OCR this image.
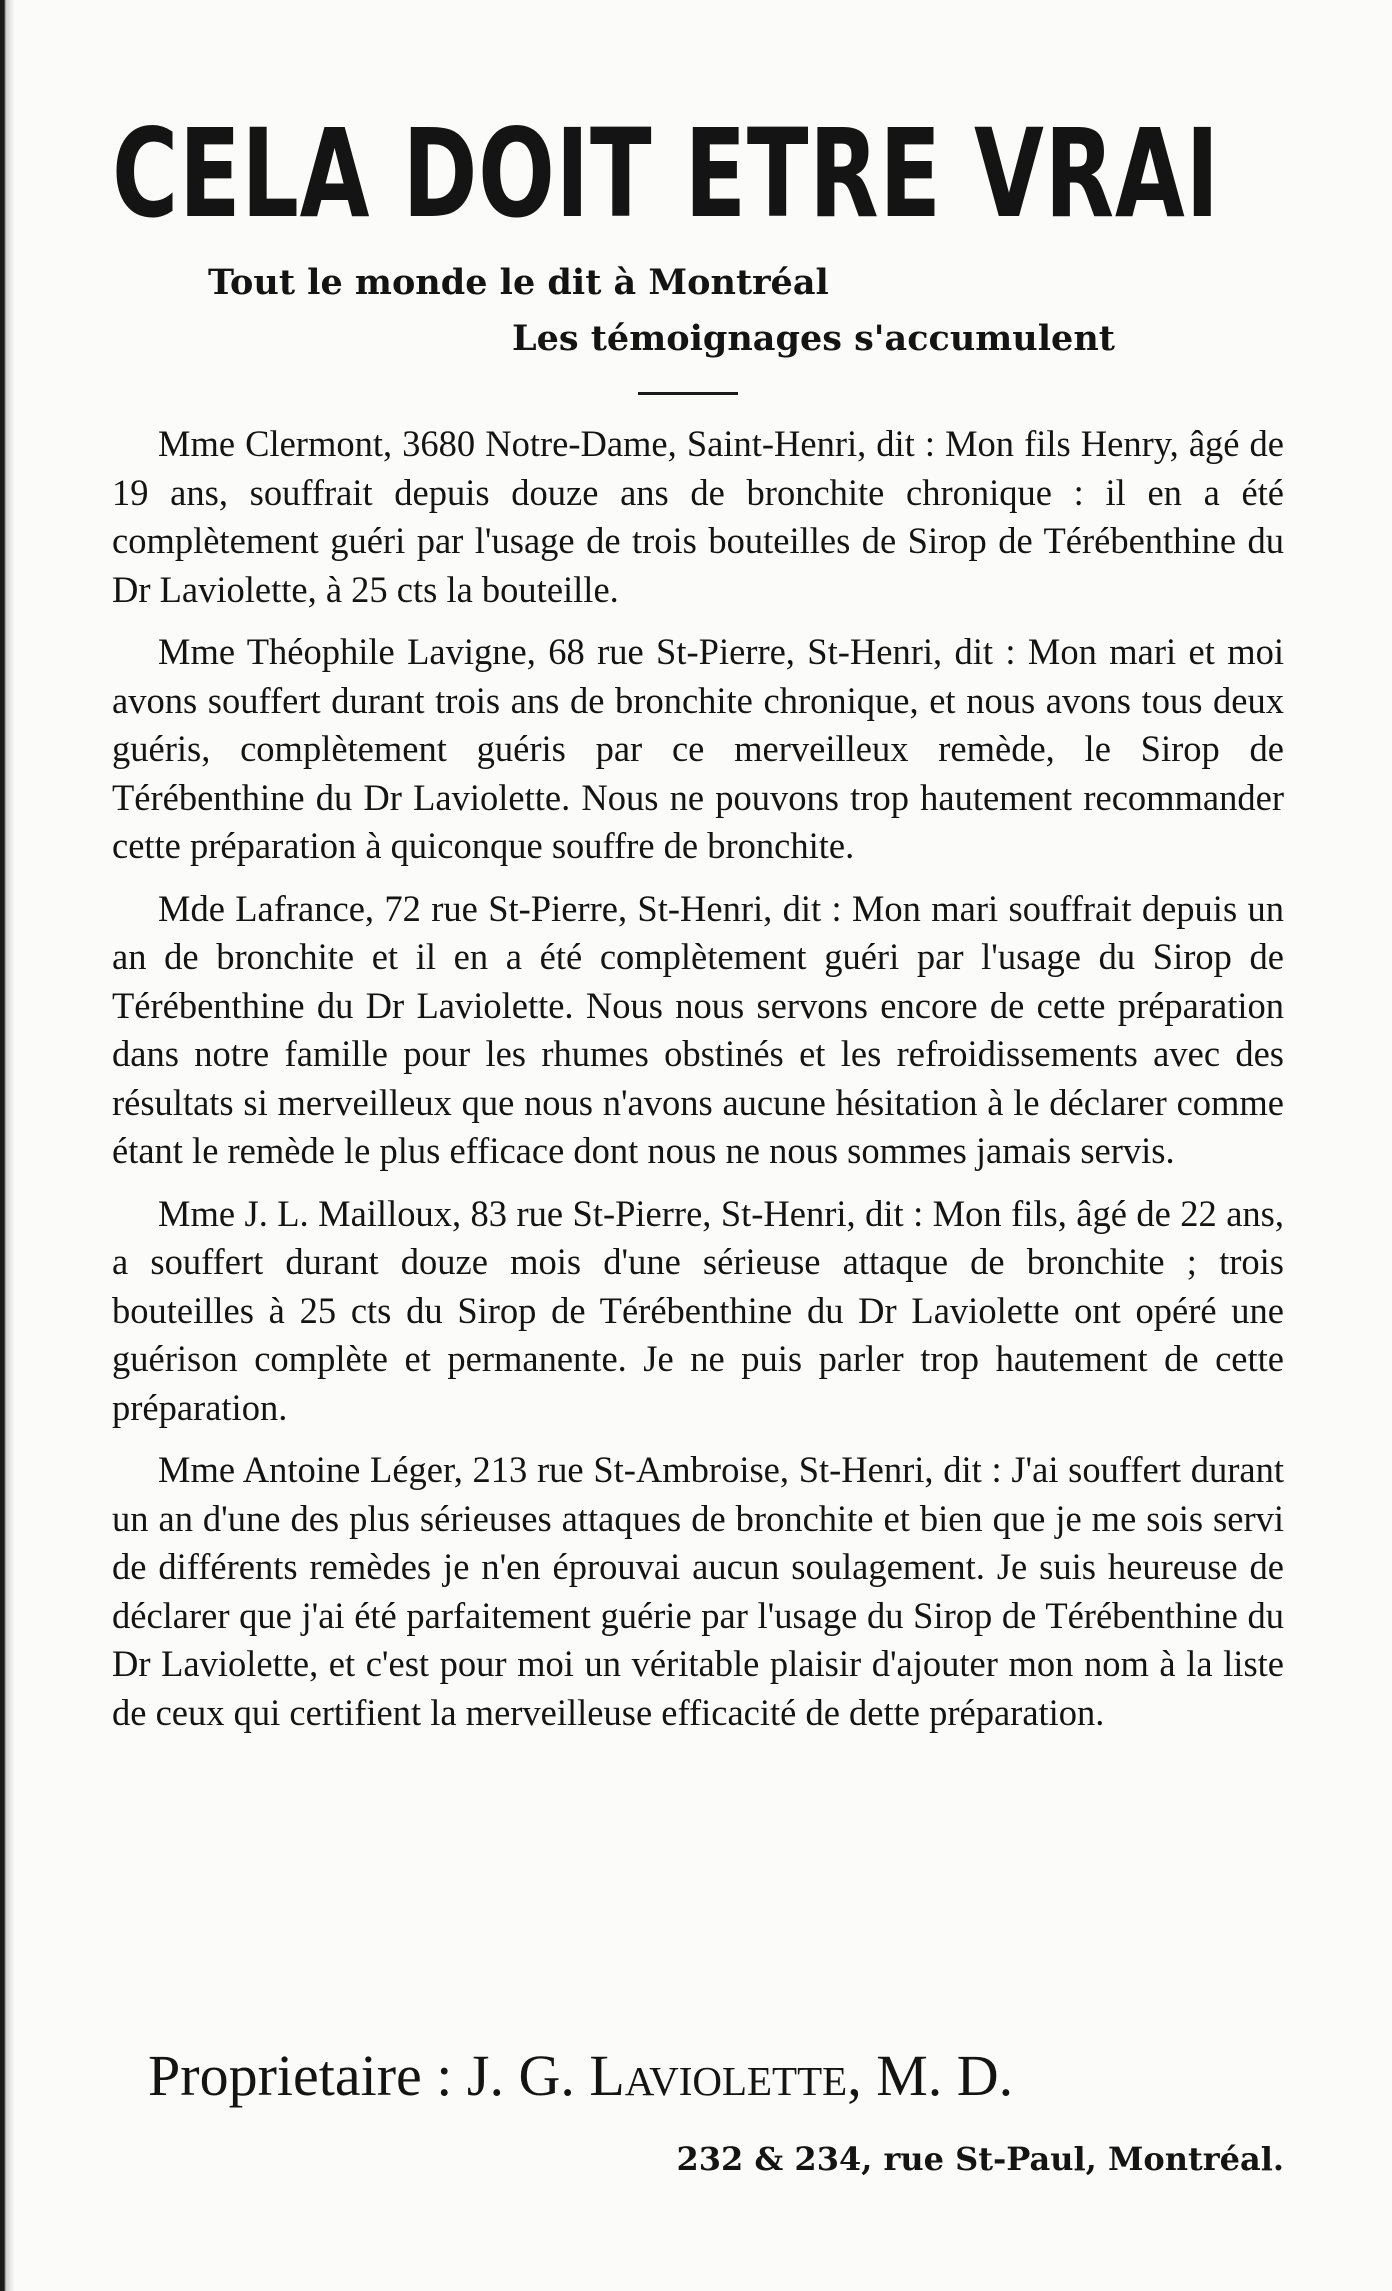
CELA DOIT ETRE VRAI
Tout le monde le dit à Montréal
Les témoignages s'accumulent

Mme Clermont, 3680 Notre-Dame, Saint-Henri, dit : Mon fils Henry, âgé de 19 ans, souffrait depuis douze ans de bronchite chronique : il en a été complètement guéri par l'usage de trois bouteilles de Sirop de Térébenthine du Dr Laviolette, à 25 cts la bouteille.

Mme Théophile Lavigne, 68 rue St-Pierre, St-Henri, dit : Mon mari et moi avons souffert durant trois ans de bronchite chronique, et nous avons tous deux guéris, complètement guéris par ce merveilleux remède, le Sirop de Térébenthine du Dr Laviolette. Nous ne pouvons trop hautement recommander cette préparation à quiconque souffre de bronchite.

Mde Lafrance, 72 rue St-Pierre, St-Henri, dit : Mon mari souffrait depuis un an de bronchite et il en a été complètement guéri par l'usage du Sirop de Térébenthine du Dr Laviolette. Nous nous servons encore de cette préparation dans notre famille pour les rhumes obstinés et les refroidissements avec des résultats si merveilleux que nous n'avons aucune hésitation à le déclarer comme étant le remède le plus efficace dont nous ne nous sommes jamais servis.

Mme J. L. Mailloux, 83 rue St-Pierre, St-Henri, dit : Mon fils, âgé de 22 ans, a souffert durant douze mois d'une sérieuse attaque de bronchite ; trois bouteilles à 25 cts du Sirop de Térébenthine du Dr Laviolette ont opéré une guérison complète et permanente. Je ne puis parler trop hautement de cette préparation.

Mme Antoine Léger, 213 rue St-Ambroise, St-Henri, dit : J'ai souffert durant un an d'une des plus sérieuses attaques de bronchite et bien que je me sois servi de différents remèdes je n'en éprouvai aucun soulagement. Je suis heureuse de déclarer que j'ai été parfaitement guérie par l'usage du Sirop de Térébenthine du Dr Laviolette, et c'est pour moi un véritable plaisir d'ajouter mon nom à la liste de ceux qui certifient la merveilleuse efficacité de dette préparation.

Proprietaire : J. G. Laviolette, M. D.
232 & 234, rue St-Paul, Montréal.
